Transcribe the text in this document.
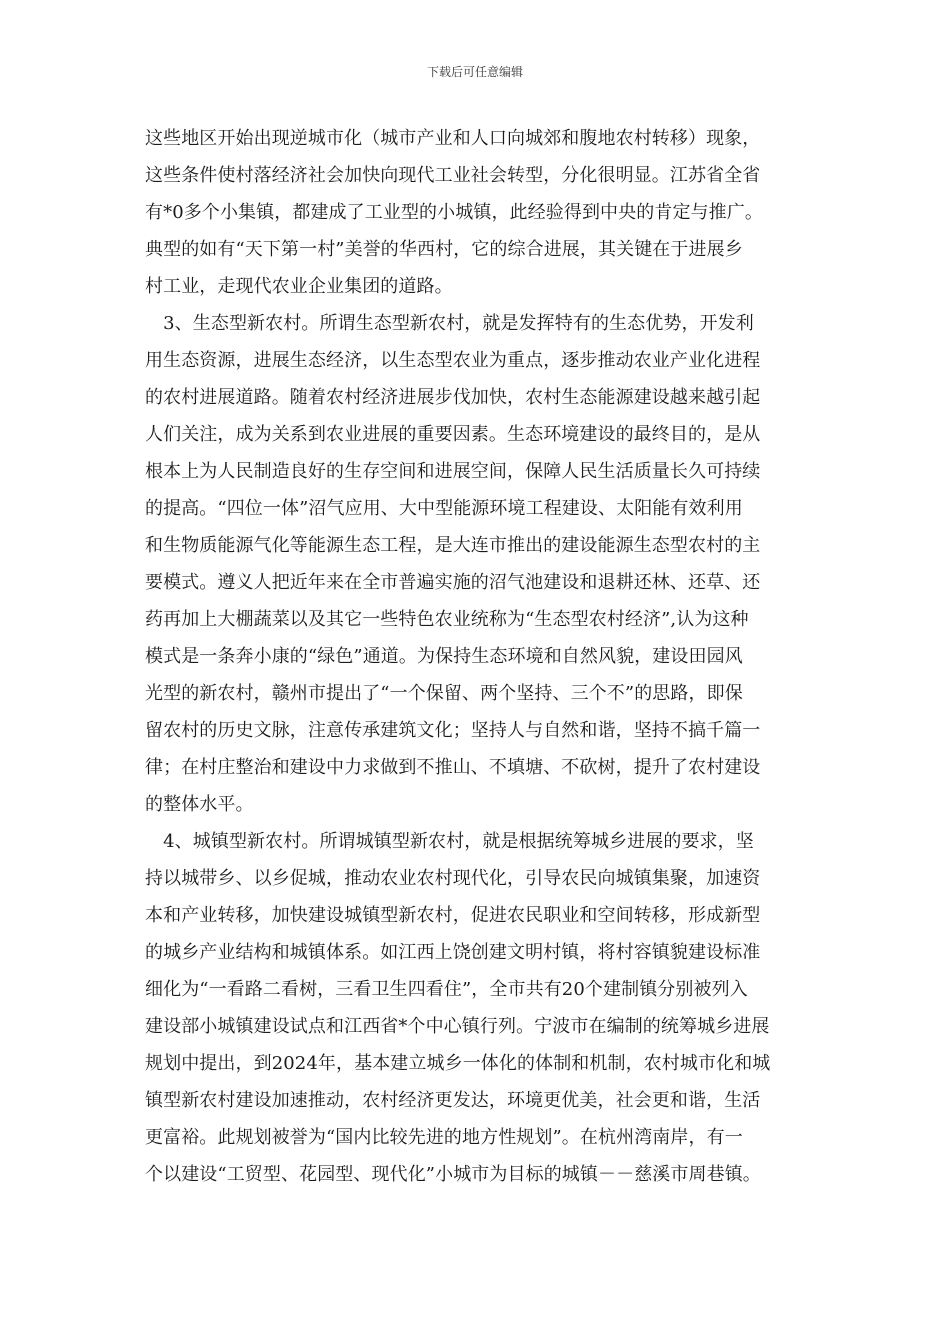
下载后可任意编辑
这些地区开始出现逆城市化（城市产业和人口向城郊和腹地农村转移）现象，
这些条件使村落经济社会加快向现代工业社会转型，分化很明显。江苏省全省
有*0多个小集镇，都建成了工业型的小城镇，此经验得到中央的肯定与推广。
典型的如有“天下第一村”美誉的华西村，它的综合进展，其关键在于进展乡
村工业，走现代农业企业集团的道路。
　3、生态型新农村。所谓生态型新农村，就是发挥特有的生态优势，开发利
用生态资源，进展生态经济，以生态型农业为重点，逐步推动农业产业化进程
的农村进展道路。随着农村经济进展步伐加快，农村生态能源建设越来越引起
人们关注，成为关系到农业进展的重要因素。生态环境建设的最终目的，是从
根本上为人民制造良好的生存空间和进展空间，保障人民生活质量长久可持续
的提高。“四位一体”沼气应用、大中型能源环境工程建设、太阳能有效利用
和生物质能源气化等能源生态工程，是大连市推出的建设能源生态型农村的主
要模式。遵义人把近年来在全市普遍实施的沼气池建设和退耕还林、还草、还
药再加上大棚蔬菜以及其它一些特色农业统称为“生态型农村经济”,认为这种
模式是一条奔小康的“绿色”通道。为保持生态环境和自然风貌，建设田园风
光型的新农村，赣州市提出了“一个保留、两个坚持、三个不”的思路，即保
留农村的历史文脉，注意传承建筑文化；坚持人与自然和谐，坚持不搞千篇一
律；在村庄整治和建设中力求做到不推山、不填塘、不砍树，提升了农村建设
的整体水平。
　4、城镇型新农村。所谓城镇型新农村，就是根据统筹城乡进展的要求，坚
持以城带乡、以乡促城，推动农业农村现代化，引导农民向城镇集聚，加速资
本和产业转移，加快建设城镇型新农村，促进农民职业和空间转移，形成新型
的城乡产业结构和城镇体系。如江西上饶创建文明村镇，将村容镇貌建设标准
细化为“一看路二看树，三看卫生四看住”，全市共有20个建制镇分别被列入
建设部小城镇建设试点和江西省*个中心镇行列。宁波市在编制的统筹城乡进展
规划中提出，到2024年，基本建立城乡一体化的体制和机制，农村城市化和城
镇型新农村建设加速推动，农村经济更发达，环境更优美，社会更和谐，生活
更富裕。此规划被誉为“国内比较先进的地方性规划”。在杭州湾南岸，有一
个以建设“工贸型、花园型、现代化”小城市为目标的城镇－－慈溪市周巷镇。
